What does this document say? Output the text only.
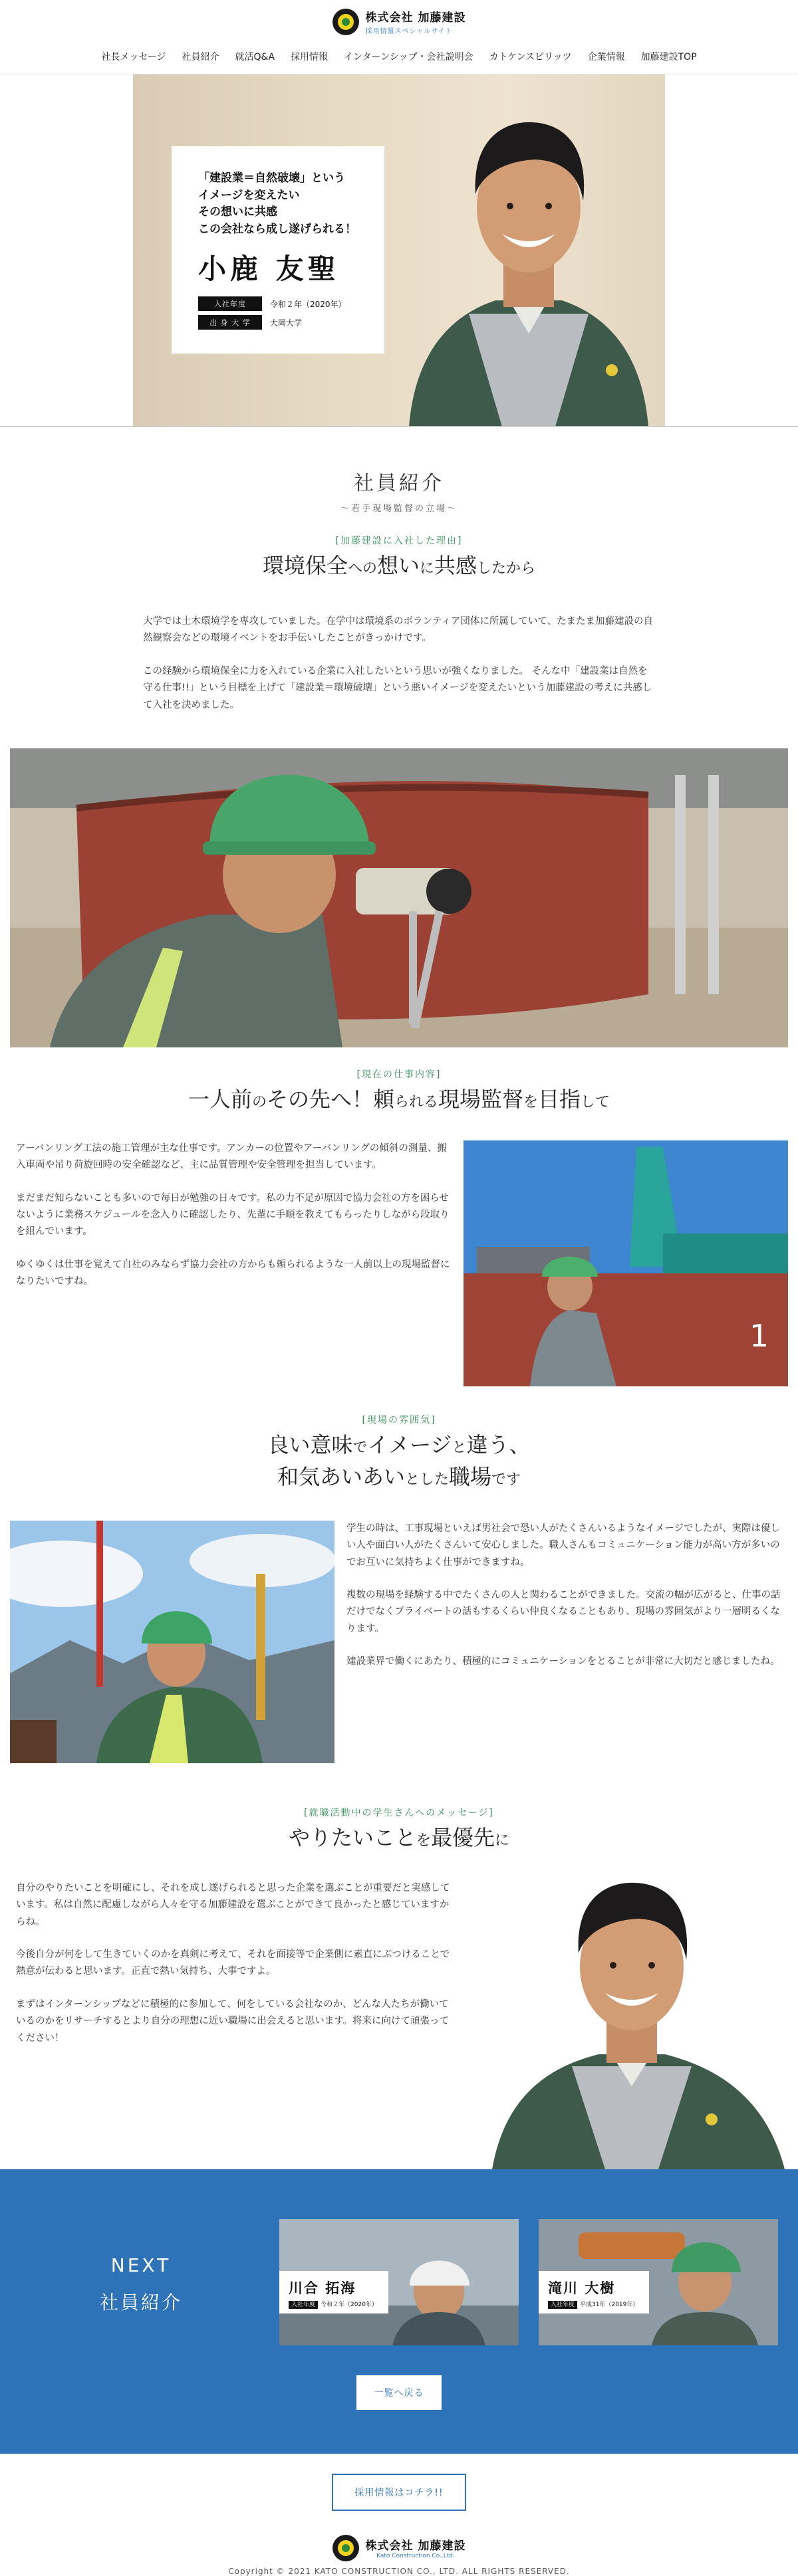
株式会社 加藤建設
採用情報スペシャルサイト
社長メッセージ	社員紹介	就活Q&A	採用情報	インターンシップ・会社説明会	カトケンスピリッツ	企業情報	加藤建設TOP
「建設業＝自然破壊」という
イメージを変えたい
その想いに共感
この会社なら成し遂げられる！
小鹿 友聖
入社年度	令和２年（2020年）
出 身 大 学	大岡大学
社員紹介
〜若手現場監督の立場〜
[加藤建設に入社した理由]
環境保全への想いに共感したから

大学では土木環境学を専攻していました。在学中は環境系のボランティア団体に所属していて、たまたま加藤建設の自然観察会などの環境イベントをお手伝いしたことがきっかけです。

この経験から環境保全に力を入れている企業に入社したいという思いが強くなりました。 そんな中「建設業は自然を守る仕事!!」という目標を上げて「建設業＝環境破壊」という悪いイメージを変えたいという加藤建設の考えに共感して入社を決めました。

[現在の仕事内容]
一人前のその先へ！頼られる現場監督を目指して

アーバンリング工法の施工管理が主な仕事です。アンカーの位置やアーバンリングの傾斜の測量、搬入車両や吊り荷旋回時の安全確認など、主に品質管理や安全管理を担当しています。

まだまだ知らないことも多いので毎日が勉強の日々です。私の力不足が原因で協力会社の方を困らせないように業務スケジュールを念入りに確認したり、先輩に手順を教えてもらったりしながら段取りを組んでいます。

ゆくゆくは仕事を覚えて自社のみならず協力会社の方からも頼られるような一人前以上の現場監督になりたいですね。

1
[現場の雰囲気]
良い意味でイメージと違う、
和気あいあいとした職場です

学生の時は、工事現場といえば男社会で恐い人がたくさんいるようなイメージでしたが、実際は優しい人や面白い人がたくさんいて安心しました。職人さんもコミュニケーション能力が高い方が多いのでお互いに気持ちよく仕事ができますね。

複数の現場を経験する中でたくさんの人と関わることができました。交流の幅が広がると、仕事の話だけでなくプライベートの話もするくらい仲良くなることもあり、現場の雰囲気がより一層明るくなります。

建設業界で働くにあたり、積極的にコミュニケーションをとることが非常に大切だと感じましたね。

[就職活動中の学生さんへのメッセージ]
やりたいことを最優先に

自分のやりたいことを明確にし、それを成し遂げられると思った企業を選ぶことが重要だと実感しています。私は自然に配慮しながら人々を守る加藤建設を選ぶことができて良かったと感じていますからね。

今後自分が何をして生きていくのかを真剣に考えて、それを面接等で企業側に素直にぶつけることで熱意が伝わると思います。正直で熱い気持ち、大事ですよ。

まずはインターンシップなどに積極的に参加して、何をしている会社なのか、どんな人たちが働いているのかをリサーチするとより自分の理想に近い職場に出会えると思います。将来に向けて頑張ってください！

NEXT
社員紹介
川合 拓海
入社年度 令和２年（2020年）
滝川 大樹
入社年度 平成31年（2019年）
一覧へ戻る
採用情報はコチラ!!
株式会社 加藤建設
Kato Construction Co.,Ltd.
Copyright © 2021 KATO CONSTRUCTION CO., LTD. ALL RIGHTS RESERVED.
